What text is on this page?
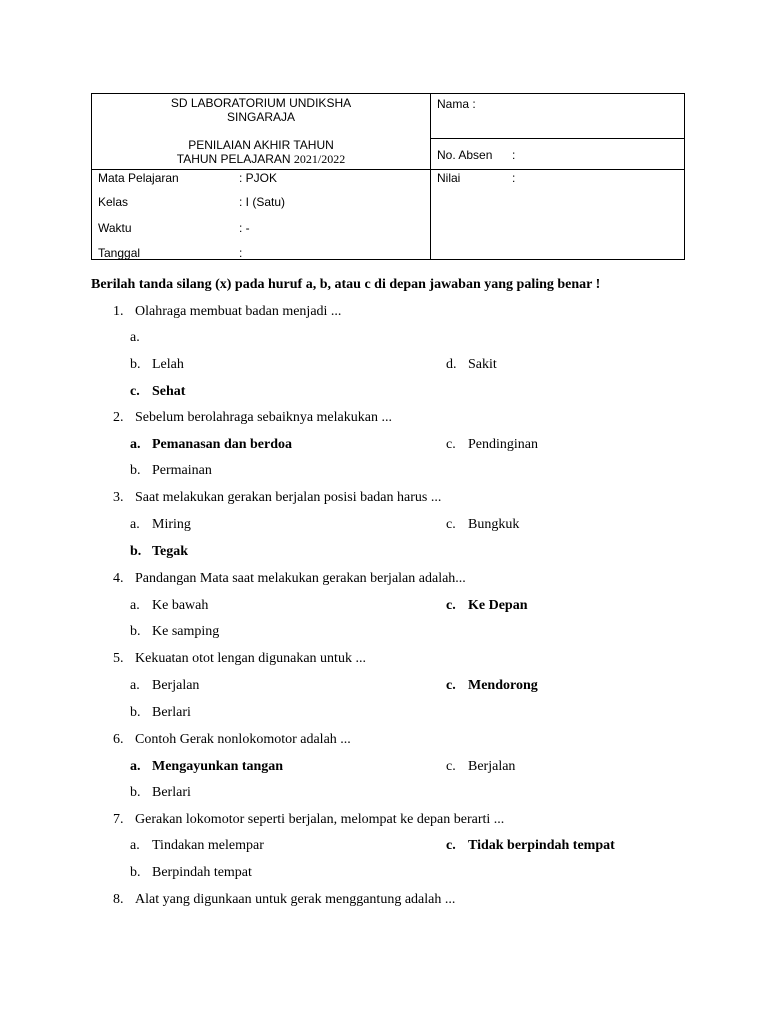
SD LABORATORIUM UNDIKSHA
SINGARAJA
PENILAIAN AKHIR TAHUN
TAHUN PELAJARAN 2021/2022
Nama :
No. Absen :
Nilai	:
Mata Pelajaran	: PJOK
Kelas	: I (Satu)
Waktu	: -
Tanggal	:
Berilah tanda silang (x) pada huruf a, b, atau c di depan jawaban yang paling benar !
1. Olahraga membuat badan menjadi ...
a.
b. Lelah	d. Sakit
c. Sehat
2. Sebelum berolahraga sebaiknya melakukan ...
a. Pemanasan dan berdoa	c. Pendinginan
b. Permainan
3. Saat melakukan gerakan berjalan posisi badan harus ...
a. Miring	c. Bungkuk
b. Tegak
4. Pandangan Mata saat melakukan gerakan berjalan adalah...
a. Ke bawah	c. Ke Depan
b. Ke samping
5. Kekuatan otot lengan digunakan untuk ...
a. Berjalan	c. Mendorong
b. Berlari
6. Contoh Gerak nonlokomotor adalah ...
a. Mengayunkan tangan	c. Berjalan
b. Berlari
7. Gerakan lokomotor seperti berjalan, melompat ke depan berarti ...
a. Tindakan melempar	c. Tidak berpindah tempat
b. Berpindah tempat
8. Alat yang digunkaan untuk gerak menggantung adalah ...
